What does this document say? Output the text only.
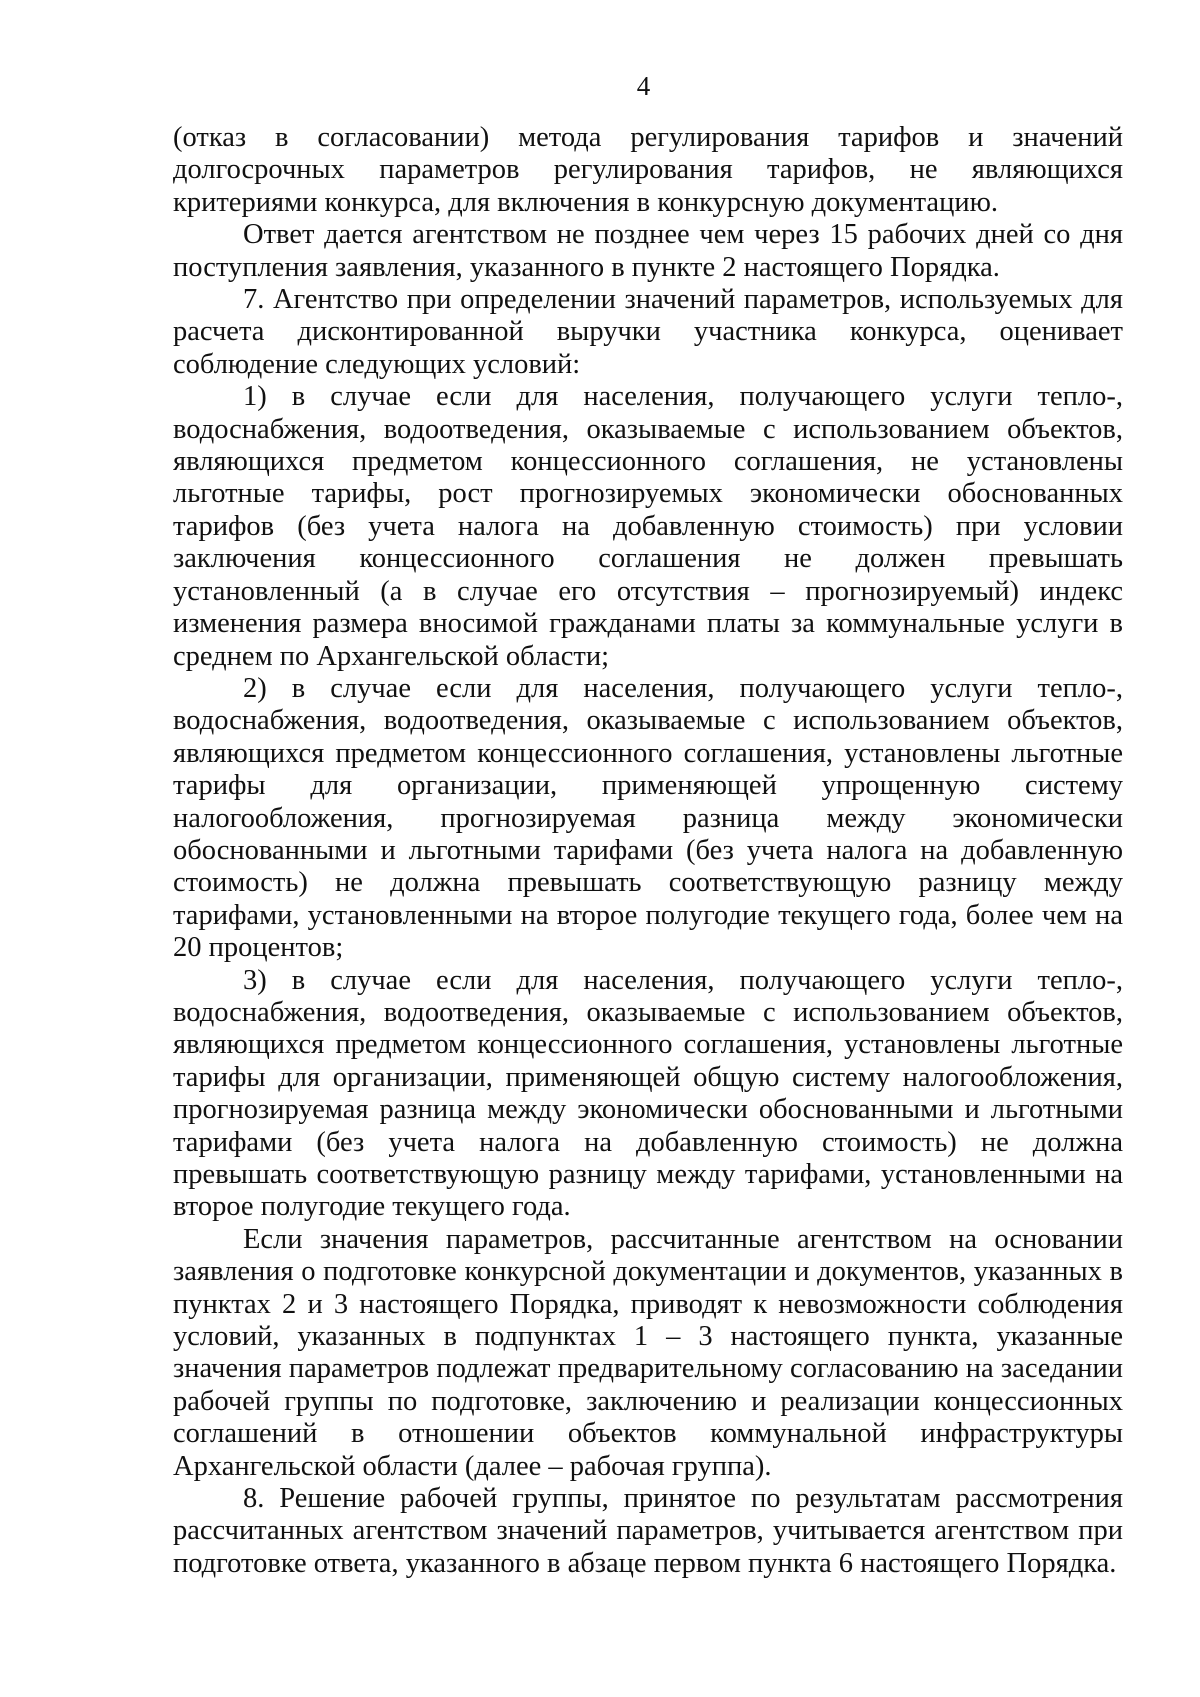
4

(отказ в согласовании) метода регулирования тарифов и значений долгосрочных параметров регулирования тарифов, не являющихся критериями конкурса, для включения в конкурсную документацию.

Ответ дается агентством не позднее чем через 15 рабочих дней со дня поступления заявления, указанного в пункте 2 настоящего Порядка.

7. Агентство при определении значений параметров, используемых для расчета дисконтированной выручки участника конкурса, оценивает соблюдение следующих условий:

1) в случае если для населения, получающего услуги тепло-, водоснабжения, водоотведения, оказываемые с использованием объектов, являющихся предметом концессионного соглашения, не установлены льготные тарифы, рост прогнозируемых экономически обоснованных тарифов (без учета налога на добавленную стоимость) при условии заключения концессионного соглашения не должен превышать установленный (а в случае его отсутствия – прогнозируемый) индекс изменения размера вносимой гражданами платы за коммунальные услуги в среднем по Архангельской области;

2) в случае если для населения, получающего услуги тепло-, водоснабжения, водоотведения, оказываемые с использованием объектов, являющихся предметом концессионного соглашения, установлены льготные тарифы для организации, применяющей упрощенную систему налогообложения, прогнозируемая разница между экономически обоснованными и льготными тарифами (без учета налога на добавленную стоимость) не должна превышать соответствующую разницу между тарифами, установленными на второе полугодие текущего года, более чем на 20 процентов;

3) в случае если для населения, получающего услуги тепло-, водоснабжения, водоотведения, оказываемые с использованием объектов, являющихся предметом концессионного соглашения, установлены льготные тарифы для организации, применяющей общую систему налогообложения, прогнозируемая разница между экономически обоснованными и льготными тарифами (без учета налога на добавленную стоимость) не должна превышать соответствующую разницу между тарифами, установленными на второе полугодие текущего года.

Если значения параметров, рассчитанные агентством на основании заявления о подготовке конкурсной документации и документов, указанных в пунктах 2 и 3 настоящего Порядка, приводят к невозможности соблюдения условий, указанных в подпунктах 1 – 3 настоящего пункта, указанные значения параметров подлежат предварительному согласованию на заседании рабочей группы по подготовке, заключению и реализации концессионных соглашений в отношении объектов коммунальной инфраструктуры Архангельской области (далее – рабочая группа).

8. Решение рабочей группы, принятое по результатам рассмотрения рассчитанных агентством значений параметров, учитывается агентством при подготовке ответа, указанного в абзаце первом пункта 6 настоящего Порядка.
